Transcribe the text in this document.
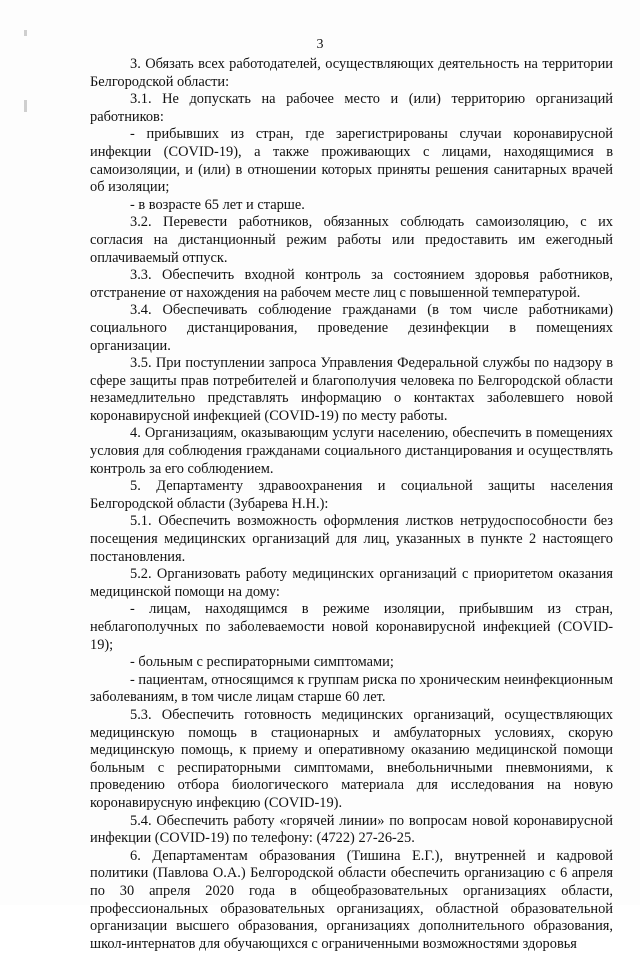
3

3. Обязать всех работодателей, осуществляющих деятельность на территории Белгородской области:

3.1. Не допускать на рабочее место и (или) территорию организаций работников:

- прибывших из стран, где зарегистрированы случаи коронавирусной инфекции (COVID-19), а также проживающих с лицами, находящимися в самоизоляции, и (или) в отношении которых приняты решения санитарных врачей об изоляции;

- в возрасте 65 лет и старше.

3.2. Перевести работников, обязанных соблюдать самоизоляцию, с их согласия на дистанционный режим работы или предоставить им ежегодный оплачиваемый отпуск.

3.3. Обеспечить входной контроль за состоянием здоровья работников, отстранение от нахождения на рабочем месте лиц с повышенной температурой.

3.4. Обеспечивать соблюдение гражданами (в том числе работниками) социального дистанцирования, проведение дезинфекции в помещениях организации.

3.5. При поступлении запроса Управления Федеральной службы по надзору в сфере защиты прав потребителей и благополучия человека по Белгородской области незамедлительно представлять информацию о контактах заболевшего новой коронавирусной инфекцией (COVID-19) по месту работы.

4. Организациям, оказывающим услуги населению, обеспечить в помещениях условия для соблюдения гражданами социального дистанцирования и осуществлять контроль за его соблюдением.

5. Департаменту здравоохранения и социальной защиты населения Белгородской области (Зубарева Н.Н.):

5.1. Обеспечить возможность оформления листков нетрудоспособности без посещения медицинских организаций для лиц, указанных в пункте 2 настоящего постановления.

5.2. Организовать работу медицинских организаций с приоритетом оказания медицинской помощи на дому:

- лицам, находящимся в режиме изоляции, прибывшим из стран, неблагополучных по заболеваемости новой коронавирусной инфекцией (COVID-19);

- больным с респираторными симптомами;

- пациентам, относящимся к группам риска по хроническим неинфекционным заболеваниям, в том числе лицам старше 60 лет.

5.3. Обеспечить готовность медицинских организаций, осуществляющих медицинскую помощь в стационарных и амбулаторных условиях, скорую медицинскую помощь, к приему и оперативному оказанию медицинской помощи больным с респираторными симптомами, внебольничными пневмониями, к проведению отбора биологического материала для исследования на новую коронавирусную инфекцию (COVID-19).

5.4. Обеспечить работу «горячей линии» по вопросам новой коронавирусной инфекции (COVID-19) по телефону: (4722) 27-26-25.

6. Департаментам образования (Тишина Е.Г.), внутренней и кадровой политики (Павлова О.А.) Белгородской области обеспечить организацию с 6 апреля по 30 апреля 2020 года в общеобразовательных организациях области, профессиональных образовательных организациях, областной образовательной организации высшего образования, организациях дополнительного образования, школ-интернатов для обучающихся с ограниченными возможностями здоровья
